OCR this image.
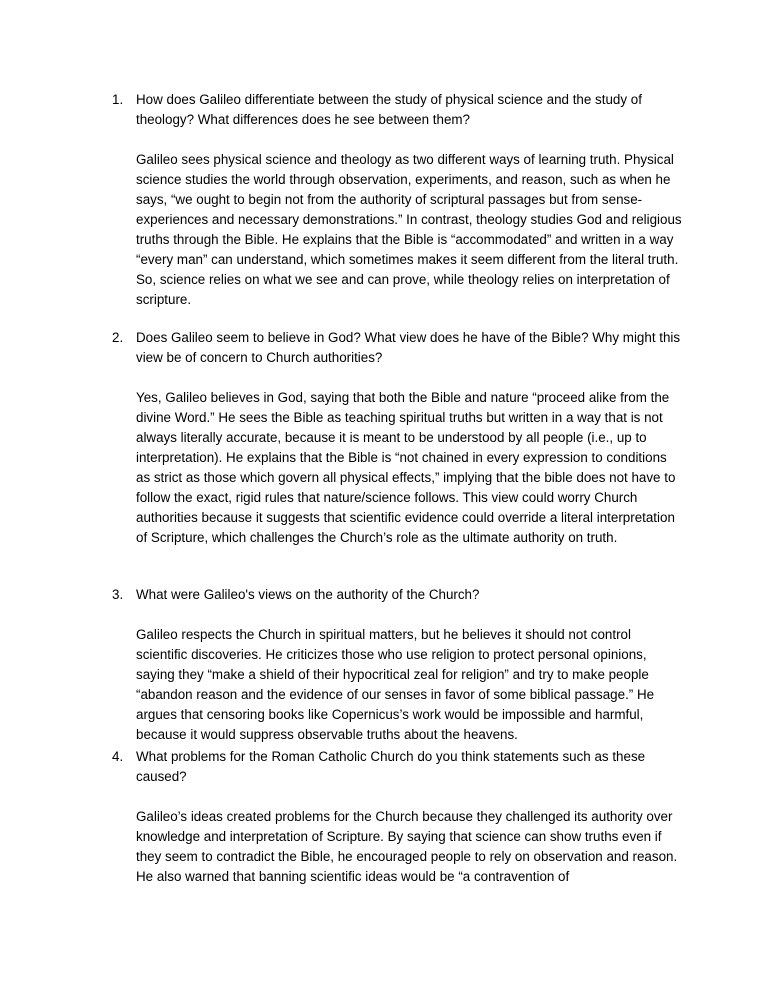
1. How does Galileo differentiate between the study of physical science and the study of theology? What differences does he see between them?
Galileo sees physical science and theology as two different ways of learning truth. Physical science studies the world through observation, experiments, and reason, such as when he says, “we ought to begin not from the authority of scriptural passages but from sense-experiences and necessary demonstrations.” In contrast, theology studies God and religious truths through the Bible. He explains that the Bible is “accommodated” and written in a way “every man” can understand, which sometimes makes it seem different from the literal truth. So, science relies on what we see and can prove, while theology relies on interpretation of scripture.
2. Does Galileo seem to believe in God? What view does he have of the Bible? Why might this view be of concern to Church authorities?
Yes, Galileo believes in God, saying that both the Bible and nature “proceed alike from the divine Word.” He sees the Bible as teaching spiritual truths but written in a way that is not always literally accurate, because it is meant to be understood by all people (i.e., up to interpretation). He explains that the Bible is “not chained in every expression to conditions as strict as those which govern all physical effects,” implying that the bible does not have to follow the exact, rigid rules that nature/science follows. This view could worry Church authorities because it suggests that scientific evidence could override a literal interpretation of Scripture, which challenges the Church’s role as the ultimate authority on truth.
3. What were Galileo's views on the authority of the Church?
Galileo respects the Church in spiritual matters, but he believes it should not control scientific discoveries. He criticizes those who use religion to protect personal opinions, saying they “make a shield of their hypocritical zeal for religion” and try to make people “abandon reason and the evidence of our senses in favor of some biblical passage.” He argues that censoring books like Copernicus’s work would be impossible and harmful, because it would suppress observable truths about the heavens.
4. What problems for the Roman Catholic Church do you think statements such as these caused?
Galileo’s ideas created problems for the Church because they challenged its authority over knowledge and interpretation of Scripture. By saying that science can show truths even if they seem to contradict the Bible, he encouraged people to rely on observation and reason. He also warned that banning scientific ideas would be “a contravention of
